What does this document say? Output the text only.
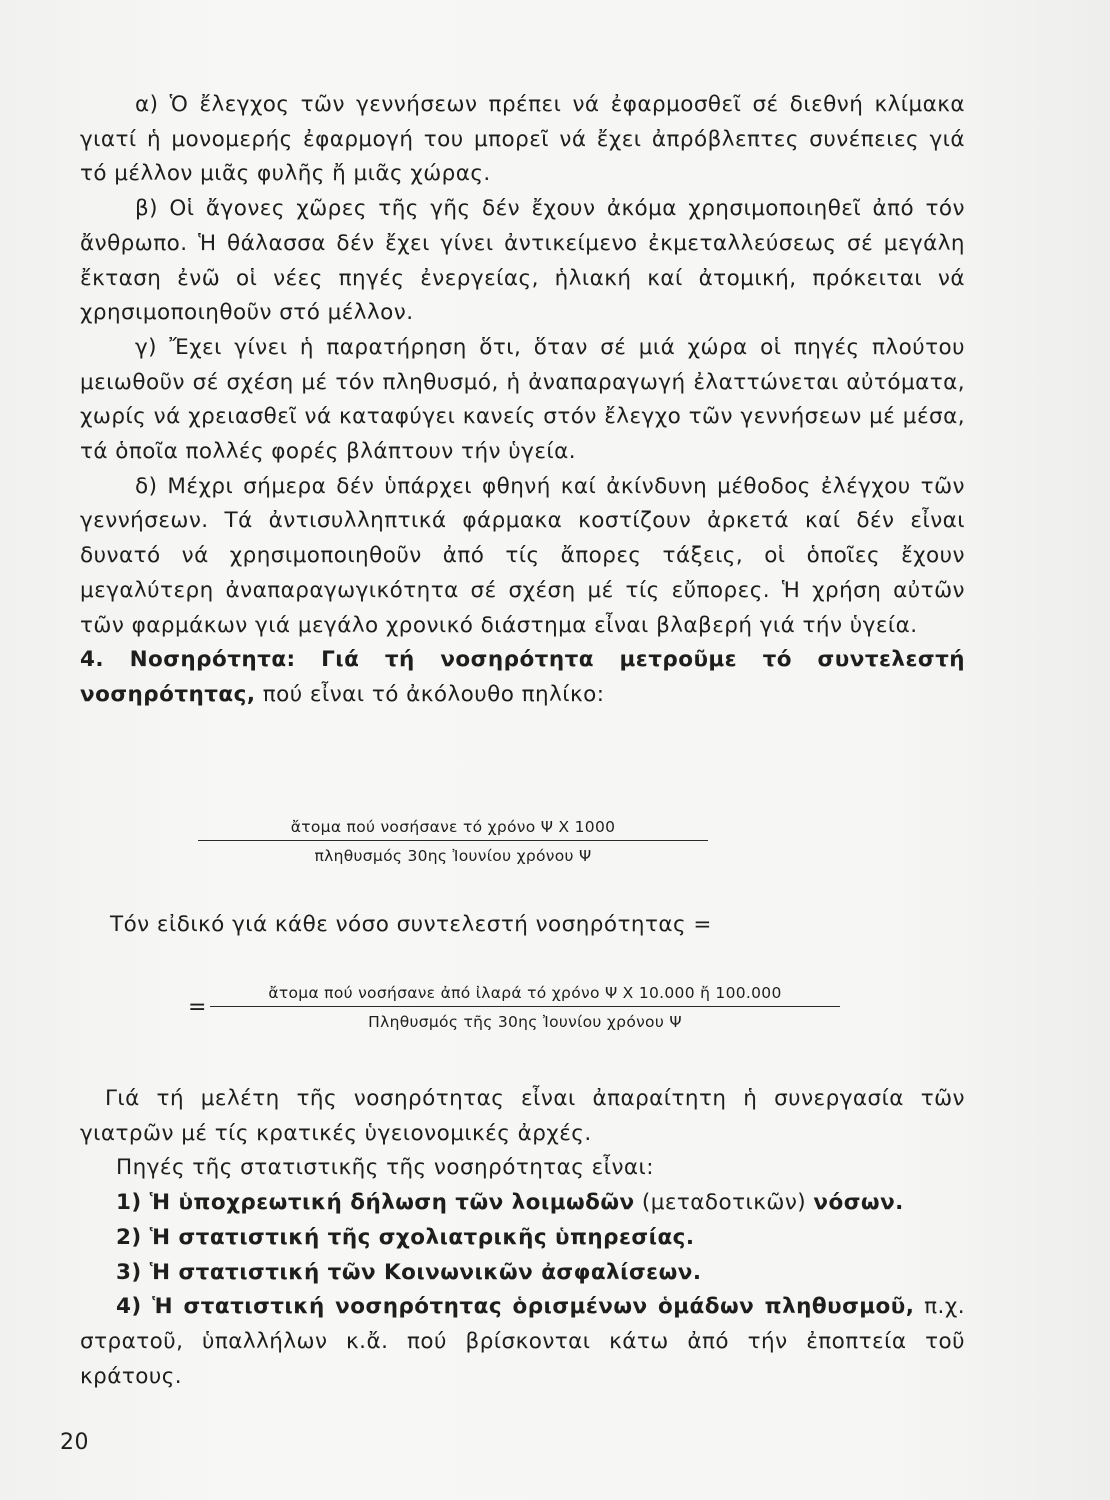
α) Ὁ ἔλεγχος τῶν γεννήσεων πρέπει νά ἐφαρμοσθεῖ σέ διεθνή κλίμακα γιατί ἡ μονομερής ἐφαρμογή του μπορεῖ νά ἔχει ἀπρόβλεπτες συνέπειες γιά τό μέλλον μιᾶς φυλῆς ἤ μιᾶς χώρας.

β) Οἱ ἄγονες χῶρες τῆς γῆς δέν ἔχουν ἀκόμα χρησιμοποιηθεῖ ἀπό τόν ἄνθρωπο. Ἡ θάλασσα δέν ἔχει γίνει ἀντικείμενο ἐκμεταλλεύσεως σέ μεγάλη ἔκταση ἐνῶ οἱ νέες πηγές ἐνεργείας, ἡλιακή καί ἀτομική, πρόκειται νά χρησιμοποιηθοῦν στό μέλλον.

γ) Ἔχει γίνει ἡ παρατήρηση ὅτι, ὅταν σέ μιά χώρα οἱ πηγές πλούτου μειωθοῦν σέ σχέση μέ τόν πληθυσμό, ἡ ἀναπαραγωγή ἐλαττώνεται αὐτόματα, χωρίς νά χρειασθεῖ νά καταφύγει κανείς στόν ἔλεγχο τῶν γεννήσεων μέ μέσα, τά ὁποῖα πολλές φορές βλάπτουν τήν ὑγεία.

δ) Μέχρι σήμερα δέν ὑπάρχει φθηνή καί ἀκίνδυνη μέθοδος ἐλέγχου τῶν γεννήσεων. Τά ἀντισυλληπτικά φάρμακα κοστίζουν ἀρκετά καί δέν εἶναι δυνατό νά χρησιμοποιηθοῦν ἀπό τίς ἄπορες τάξεις, οἱ ὁποῖες ἔχουν μεγαλύτερη ἀναπαραγωγικότητα σέ σχέση μέ τίς εὔπορες. Ἡ χρήση αὐτῶν τῶν φαρμάκων γιά μεγάλο χρονικό διάστημα εἶναι βλαβερή γιά τήν ὑγεία.

4. Νοσηρότητα: Γιά τή νοσηρότητα μετροῦμε τό συντελεστή νοσηρότητας, πού εἶναι τό ἀκόλουθο πηλίκο:

ἄτομα πού νοσήσανε τό χρόνο Ψ Χ 1000
πληθυσμός 30ης Ἰουνίου χρόνου Ψ
Τόν εἰδικό γιά κάθε νόσο συντελεστή νοσηρότητας =
=
ἄτομα πού νοσήσανε ἀπό ἰλαρά τό χρόνο Ψ Χ 10.000 ἤ 100.000
Πληθυσμός τῆς 30ης Ἰουνίου χρόνου Ψ

Γιά τή μελέτη τῆς νοσηρότητας εἶναι ἀπαραίτητη ἡ συνεργασία τῶν γιατρῶν μέ τίς κρατικές ὑγειονομικές ἀρχές.

Πηγές τῆς στατιστικῆς τῆς νοσηρότητας εἶναι:

1) Ἡ ὑποχρεωτική δήλωση τῶν λοιμωδῶν (μεταδοτικῶν) νόσων.

2) Ἡ στατιστική τῆς σχολιατρικῆς ὑπηρεσίας.

3) Ἡ στατιστική τῶν Κοινωνικῶν ἀσφαλίσεων.

4) Ἡ στατιστική νοσηρότητας ὁρισμένων ὁμάδων πληθυσμοῦ, π.χ. στρατοῦ, ὑπαλλήλων κ.ἄ. πού βρίσκονται κάτω ἀπό τήν ἐποπτεία τοῦ κράτους.

20
